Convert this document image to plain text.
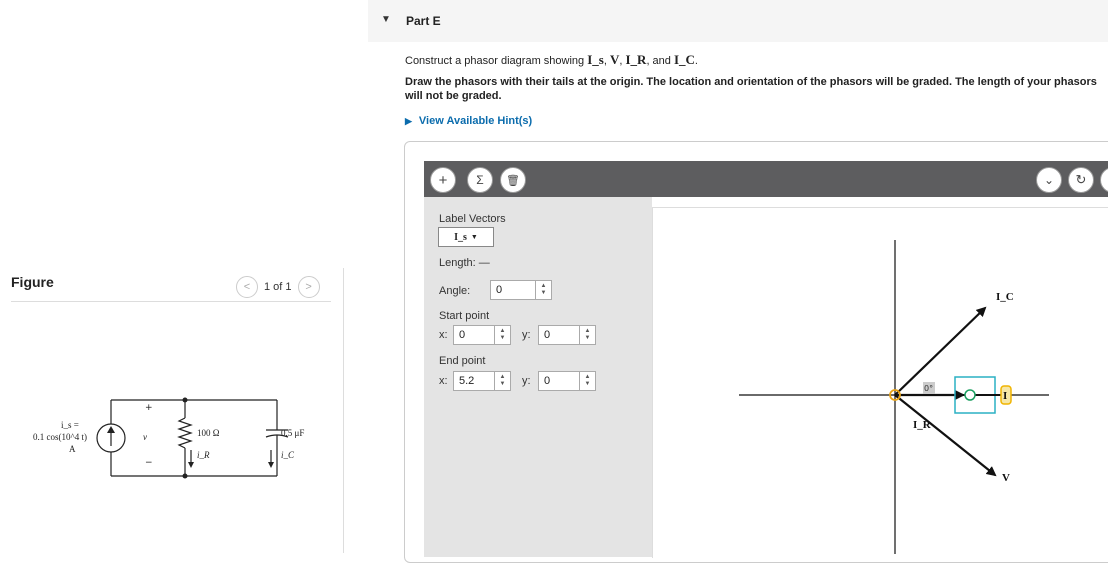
Figure	<	1 of 1	>
+
−
v
i_s =
0.1 cos(10^4 t)
A
100 Ω
i_R
0.5 μF
i_C
▼ Part E
Construct a phasor diagram showing I_s, V, I_R, and I_C.
Draw the phasors with their tails at the origin. The location and orientation of the phasors will be graded. The length of your phasors will not be graded.
▶ View Available Hint(s)
+	Σ	🗑	⌄	↻
Label Vectors
I_s ▼
Length: —
Angle:	0	▲
▼
Start point
x:	0	▲
▼ y:	0	▲
▼
End point
x:	5.2	▲
▼ y:	0	▲
▼	0°
I
I_C
I_R
V
